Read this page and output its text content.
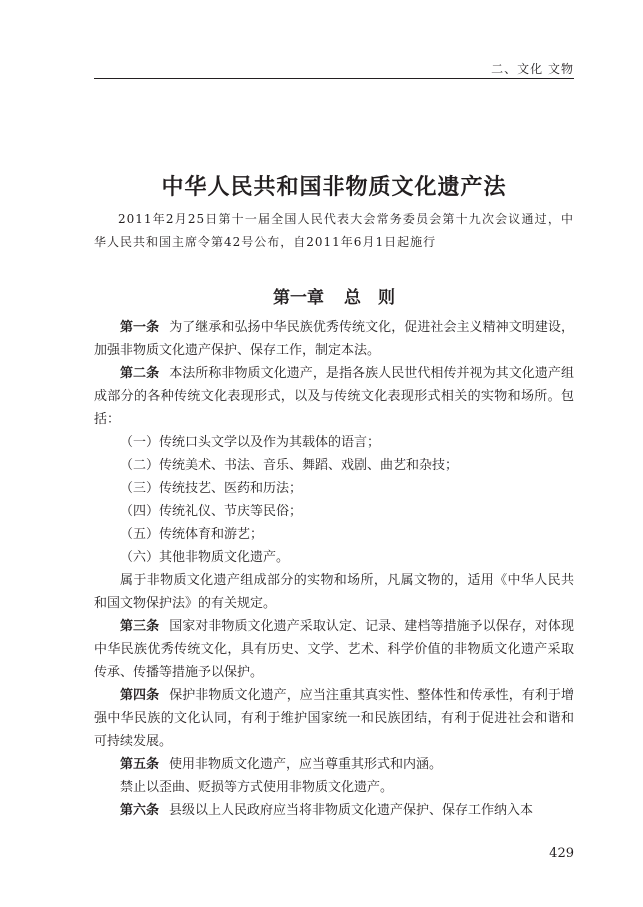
二、文化 文物
中华人民共和国非物质文化遗产法
2011年2月25日第十一届全国人民代表大会常务委员会第十九次会议通过，中华人民共和国主席令第42号公布，自2011年6月1日起施行
第一章 总　则

第一条 为了继承和弘扬中华民族优秀传统文化，促进社会主义精神文明建设，加强非物质文化遗产保护、保存工作，制定本法。

第二条 本法所称非物质文化遗产，是指各族人民世代相传并视为其文化遗产组成部分的各种传统文化表现形式，以及与传统文化表现形式相关的实物和场所。包括：

（一）传统口头文学以及作为其载体的语言；

（二）传统美术、书法、音乐、舞蹈、戏剧、曲艺和杂技；

（三）传统技艺、医药和历法；

（四）传统礼仪、节庆等民俗；

（五）传统体育和游艺；

（六）其他非物质文化遗产。

属于非物质文化遗产组成部分的实物和场所，凡属文物的，适用《中华人民共和国文物保护法》的有关规定。

第三条 国家对非物质文化遗产采取认定、记录、建档等措施予以保存，对体现中华民族优秀传统文化，具有历史、文学、艺术、科学价值的非物质文化遗产采取传承、传播等措施予以保护。

第四条 保护非物质文化遗产，应当注重其真实性、整体性和传承性，有利于增强中华民族的文化认同，有利于维护国家统一和民族团结，有利于促进社会和谐和可持续发展。

第五条 使用非物质文化遗产，应当尊重其形式和内涵。

禁止以歪曲、贬损等方式使用非物质文化遗产。

第六条 县级以上人民政府应当将非物质文化遗产保护、保存工作纳入本

429
